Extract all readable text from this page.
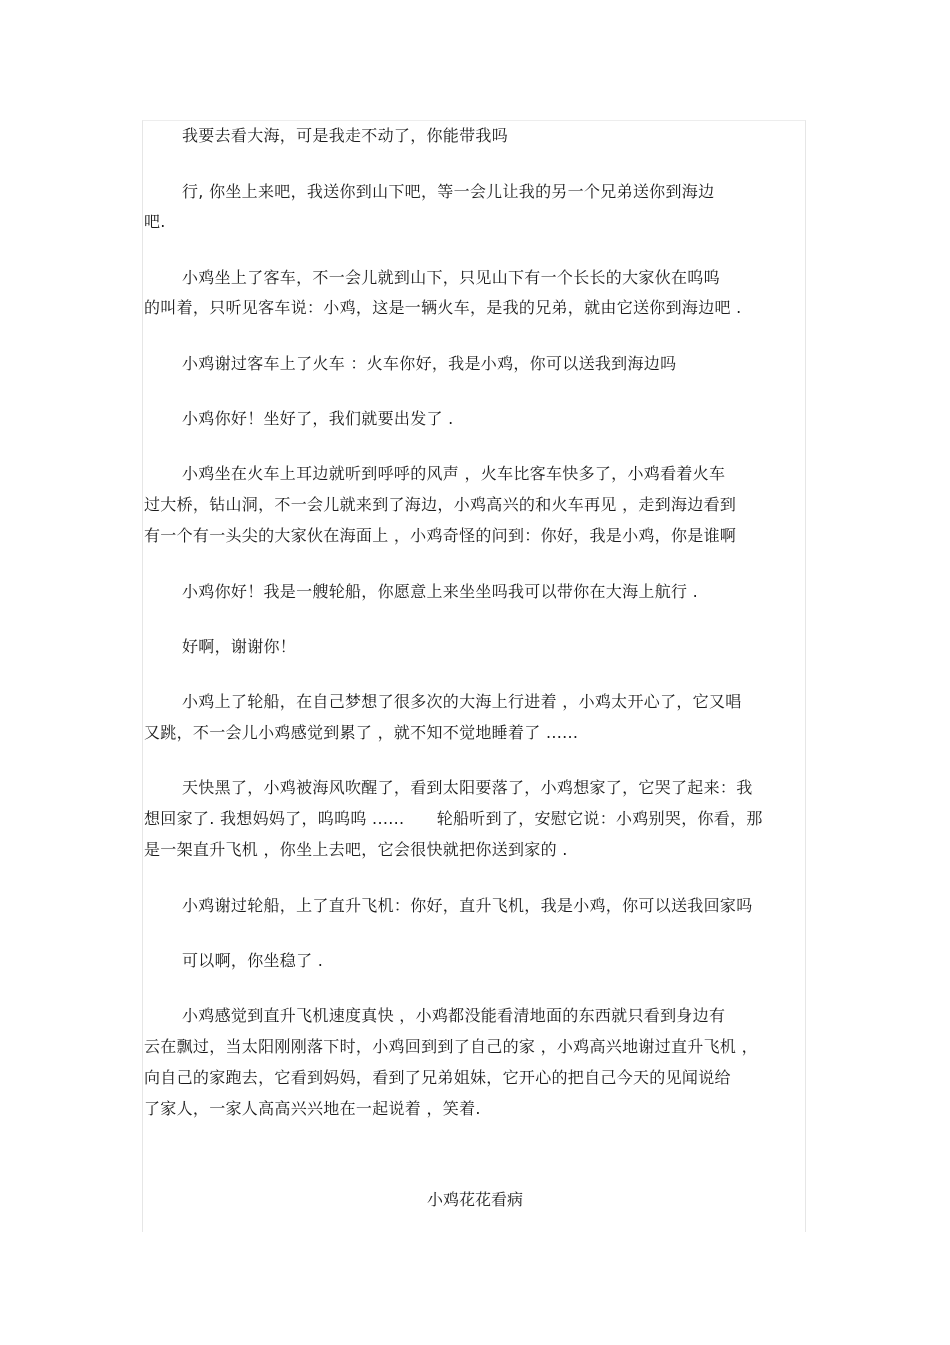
我要去看大海，可是我走不动了，你能带我吗
行, 你坐上来吧，我送你到山下吧，等一会儿让我的另一个兄弟送你到海边
吧.
小鸡坐上了客车，不一会儿就到山下，只见山下有一个长长的大家伙在呜呜
的叫着，只听见客车说：小鸡，这是一辆火车，是我的兄弟，就由它送你到海边吧 .
小鸡谢过客车上了火车 ：火车你好，我是小鸡，你可以送我到海边吗
小鸡你好！坐好了，我们就要出发了 .
小鸡坐在火车上耳边就听到呼呼的风声 ，火车比客车快多了，小鸡看着火车
过大桥，钻山洞，不一会儿就来到了海边，小鸡高兴的和火车再见 ，走到海边看到
有一个有一头尖的大家伙在海面上 ，小鸡奇怪的问到：你好，我是小鸡，你是谁啊
小鸡你好！我是一艘轮船，你愿意上来坐坐吗我可以带你在大海上航行 .
好啊，谢谢你！
小鸡上了轮船，在自己梦想了很多次的大海上行进着 ，小鸡太开心了，它又唱
又跳，不一会儿小鸡感觉到累了 ，就不知不觉地睡着了 ......
天快黑了，小鸡被海风吹醒了，看到太阳要落了，小鸡想家了，它哭了起来：我
想回家了. 我想妈妈了，呜呜呜 ......      轮船听到了，安慰它说：小鸡别哭，你看，那
是一架直升飞机 ，你坐上去吧，它会很快就把你送到家的 .
小鸡谢过轮船，上了直升飞机：你好，直升飞机，我是小鸡，你可以送我回家吗
可以啊，你坐稳了 .
小鸡感觉到直升飞机速度真快 ，小鸡都没能看清地面的东西就只看到身边有
云在飘过，当太阳刚刚落下时，小鸡回到到了自己的家 ，小鸡高兴地谢过直升飞机 ，
向自己的家跑去，它看到妈妈，看到了兄弟姐妹，它开心的把自己今天的见闻说给
了家人，一家人高高兴兴地在一起说着 ，笑着.
小鸡花花看病
